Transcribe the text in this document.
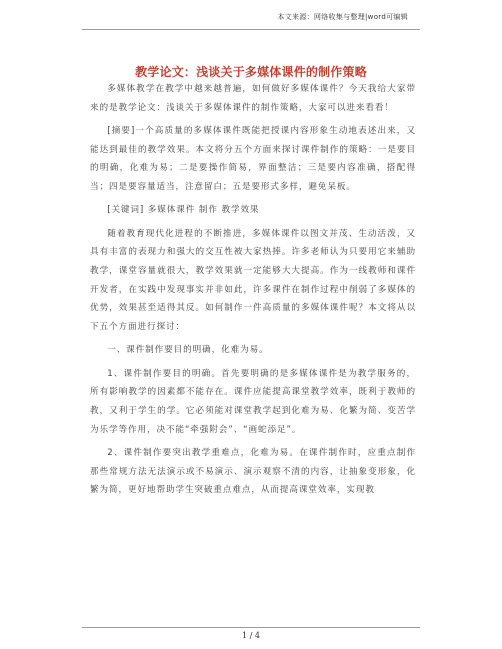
本文来源：网络收集与整理|word可编辑
教学论文：浅谈关于多媒体课件的制作策略

多媒体教学在教学中越来越普遍，如何做好多媒体课件？今天我给大家带来的是教学论文：浅谈关于多媒体课件的制作策略，大家可以进来看看！

[摘要]一个高质量的多媒体课件既能把授课内容形象生动地表述出来，又能达到最佳的教学效果。本文将分五个方面来探讨课件制作的策略：一是要目的明确，化难为易；二是要操作简易，界面整洁；三是要内容准确，搭配得当；四是要容量适当，注意留白；五是要形式多样，避免呆板。

[关键词] 多媒体课件 制作 教学效果

随着教育现代化进程的不断推进，多媒体课件以图文并茂、生动活泼，又具有丰富的表现力和强大的交互性被大家热捧。许多老师认为只要用它来辅助教学，课堂容量就很大，教学效果就一定能够大大提高。作为一线教师和课件开发者，在实践中发现事实并非如此，许多课件在制作过程中削弱了多媒体的优势，效果甚至适得其反。如何制作一件高质量的多媒体课件呢？本文将从以下五个方面进行探讨：

一、课件制作要目的明确，化难为易。

1、课件制作要目的明确。首先要明确的是多媒体课件是为教学服务的，所有影响教学的因素都不能存在。课件应能提高课堂教学效率，既利于教师的教，又利于学生的学。它必须能对课堂教学起到化难为易、化繁为简、变苦学为乐学等作用，决不能“牵强附会”、“画蛇添足”。

2、课件制作要突出教学重难点，化难为易。在课件制作时，应重点制作那些常规方法无法演示或不易演示、演示观察不清的内容，让抽象变形象，化繁为简，更好地帮助学生突破重点难点，从而提高课堂效率，实现教

1 / 4
